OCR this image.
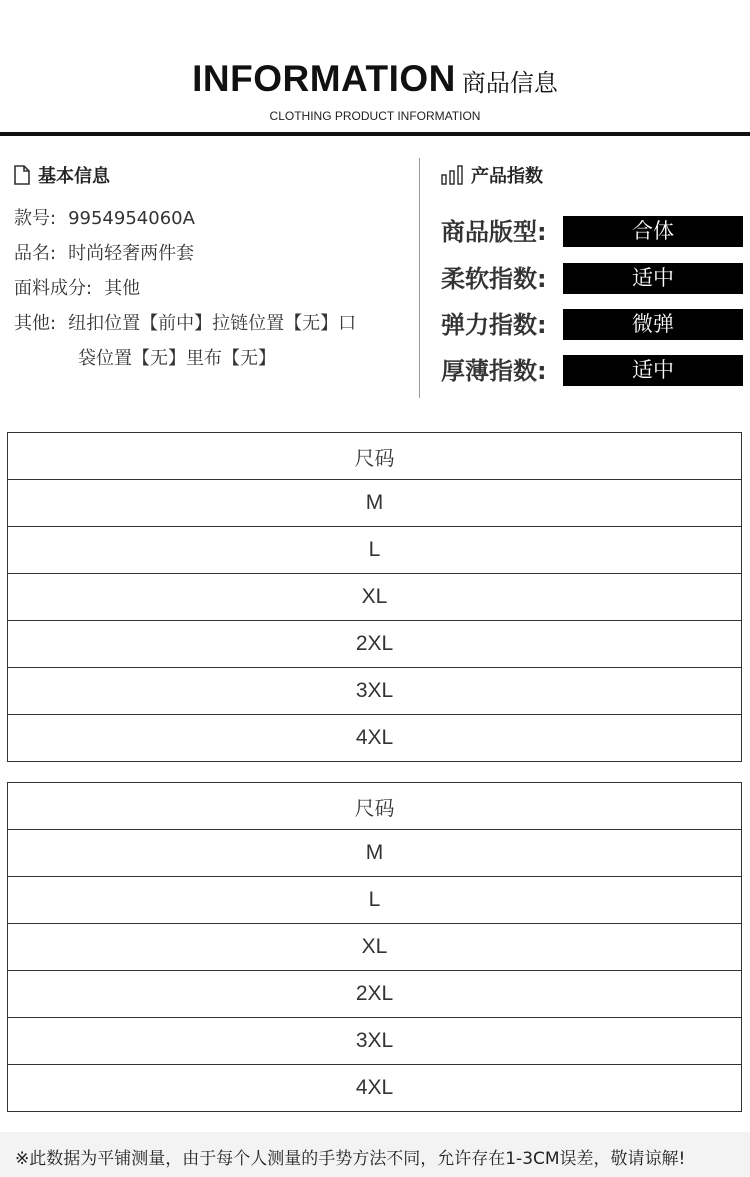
INFORMATION 商品信息
CLOTHING PRODUCT INFORMATION
基本信息
款号: 9954954060A
品名: 时尚轻奢两件套
面料成分: 其他
其他: 纽扣位置【前中】拉链位置【无】口
袋位置【无】里布【无】
产品指数
商品版型:	合体
柔软指数:	适中
弹力指数:	微弹
厚薄指数:	适中
尺码
M
L
XL
2XL
3XL
4XL
尺码
M
L
XL
2XL
3XL
4XL
※此数据为平铺测量，由于每个人测量的手势方法不同，允许存在1-3CM误差，敬请谅解!
